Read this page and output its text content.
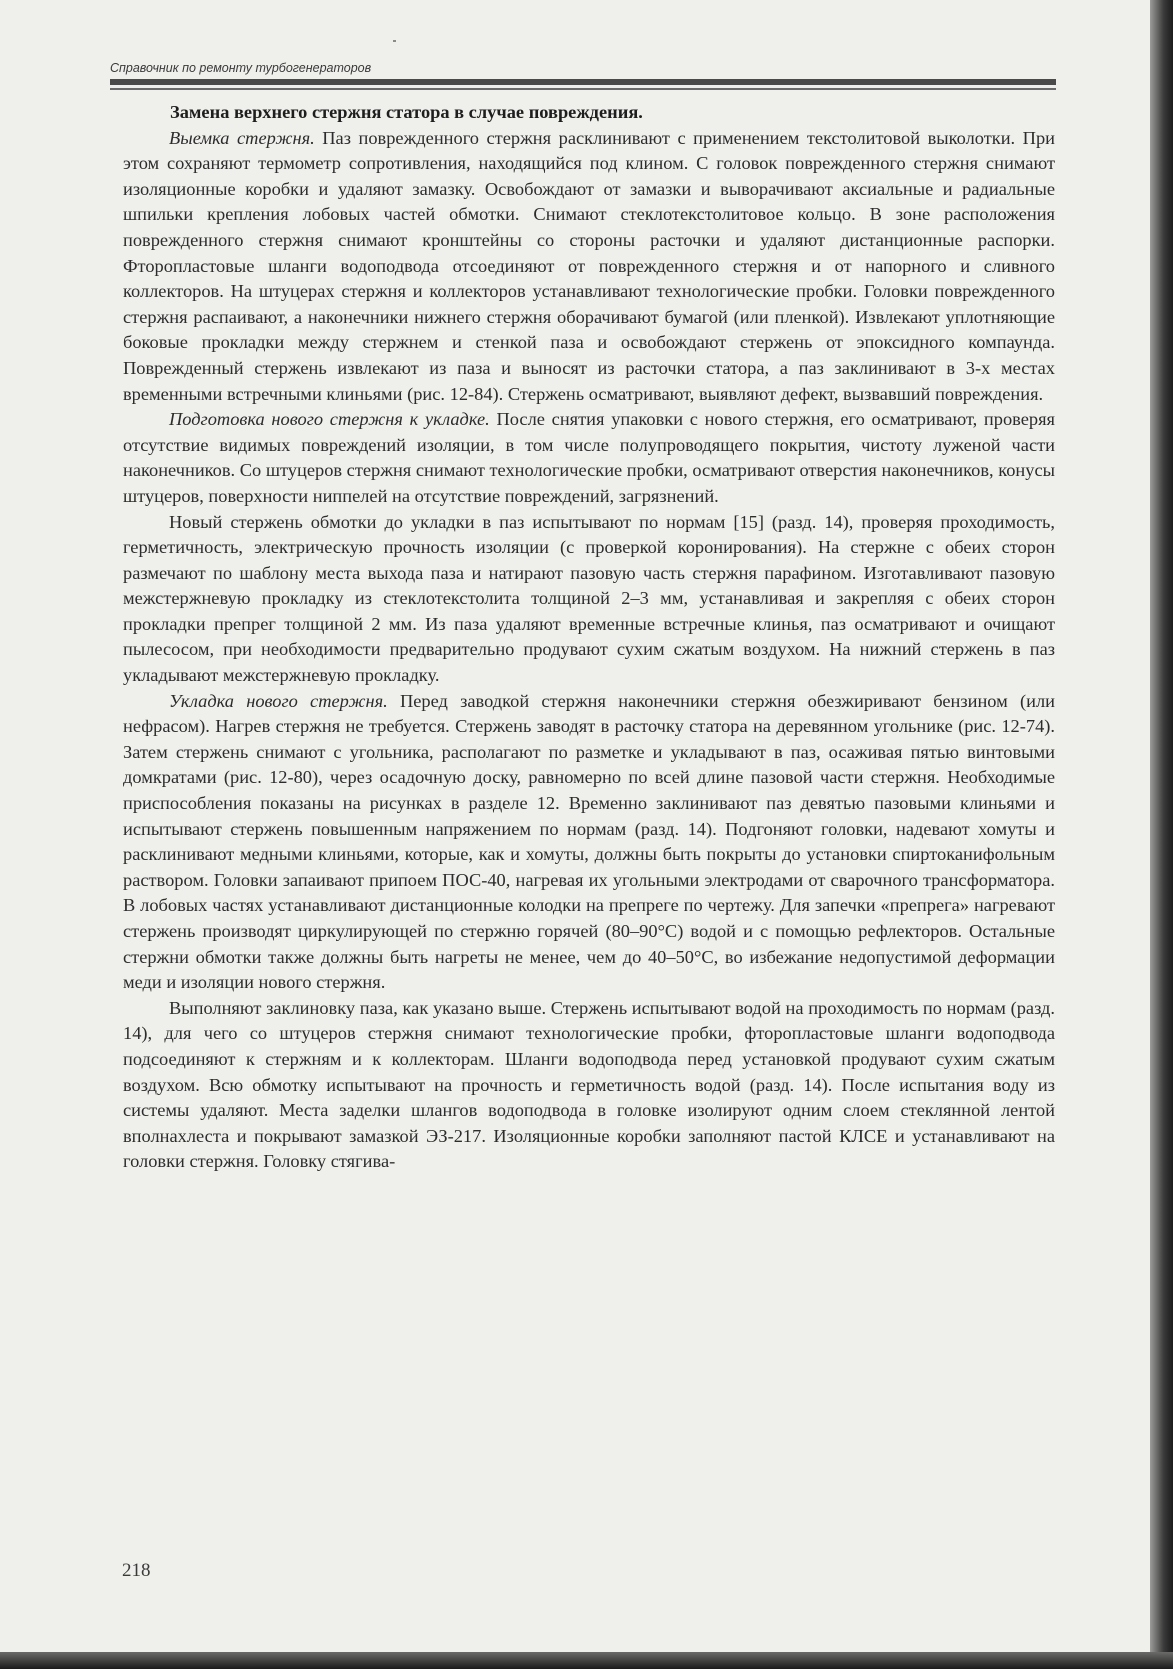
Справочник по ремонту турбогенераторов

Замена верхнего стержня статора в случае повреждения.

Выемка стержня. Паз поврежденного стержня расклинивают с применением текстолитовой выколотки. При этом сохраняют термометр сопротивления, находящийся под клином. С головок поврежденного стержня снимают изоляционные коробки и удаляют замазку. Освобождают от замазки и выворачивают аксиальные и радиальные шпильки крепления лобовых частей обмотки. Снимают стеклотекстолитовое кольцо. В зоне расположения поврежденного стержня снимают кронштейны со стороны расточки и удаляют дистанционные распорки. Фторопластовые шланги водоподвода отсоединяют от поврежденного стержня и от напорного и сливного коллекторов. На штуцерах стержня и коллекторов устанавливают технологические пробки. Головки поврежденного стержня распаивают, а наконечники нижнего стержня оборачивают бумагой (или пленкой). Извлекают уплотняющие боковые прокладки между стержнем и стенкой паза и освобождают стержень от эпоксидного компаунда. Поврежденный стержень извлекают из паза и выносят из расточки статора, а паз заклинивают в 3-х местах временными встречными клиньями (рис. 12-84). Стержень осматривают, выявляют дефект, вызвавший повреждения.

Подготовка нового стержня к укладке. После снятия упаковки с нового стержня, его осматривают, проверяя отсутствие видимых повреждений изоляции, в том числе полупроводящего покрытия, чистоту луженой части наконечников. Со штуцеров стержня снимают технологические пробки, осматривают отверстия наконечников, конусы штуцеров, поверхности ниппелей на отсутствие повреждений, загрязнений.

Новый стержень обмотки до укладки в паз испытывают по нормам [15] (разд. 14), проверяя проходимость, герметичность, электрическую прочность изоляции (с проверкой коронирования). На стержне с обеих сторон размечают по шаблону места выхода паза и натирают пазовую часть стержня парафином. Изготавливают пазовую межстержневую прокладку из стеклотекстолита толщиной 2–3 мм, устанавливая и закрепляя с обеих сторон прокладки препрег толщиной 2 мм. Из паза удаляют временные встречные клинья, паз осматривают и очищают пылесосом, при необходимости предварительно продувают сухим сжатым воздухом. На нижний стержень в паз укладывают межстержневую прокладку.

Укладка нового стержня. Перед заводкой стержня наконечники стержня обезжиривают бензином (или нефрасом). Нагрев стержня не требуется. Стержень заводят в расточку статора на деревянном угольнике (рис. 12-74). Затем стержень снимают с угольника, располагают по разметке и укладывают в паз, осаживая пятью винтовыми домкратами (рис. 12-80), через осадочную доску, равномерно по всей длине пазовой части стержня. Необходимые приспособления показаны на рисунках в разделе 12. Временно заклинивают паз девятью пазовыми клиньями и испытывают стержень повышенным напряжением по нормам (разд. 14). Подгоняют головки, надевают хомуты и расклинивают медными клиньями, которые, как и хомуты, должны быть покрыты до установки спиртоканифольным раствором. Головки запаивают припоем ПОС-40, нагревая их угольными электродами от сварочного трансформатора. В лобовых частях устанавливают дистанционные колодки на препреге по чертежу. Для запечки «препрега» нагревают стержень производят циркулирующей по стержню горячей (80–90°С) водой и с помощью рефлекторов. Остальные стержни обмотки также должны быть нагреты не менее, чем до 40–50°С, во избежание недопустимой деформации меди и изоляции нового стержня.

Выполняют заклиновку паза, как указано выше. Стержень испытывают водой на проходимость по нормам (разд. 14), для чего со штуцеров стержня снимают технологические пробки, фторопластовые шланги водоподвода подсоединяют к стержням и к коллекторам. Шланги водоподвода перед установкой продувают сухим сжатым воздухом. Всю обмотку испытывают на прочность и герметичность водой (разд. 14). После испытания воду из системы удаляют. Места заделки шлангов водоподвода в головке изолируют одним слоем стеклянной лентой вполнахлеста и покрывают замазкой ЭЗ-217. Изоляционные коробки заполняют пастой КЛСЕ и устанавливают на головки стержня. Головку стягива-

218
